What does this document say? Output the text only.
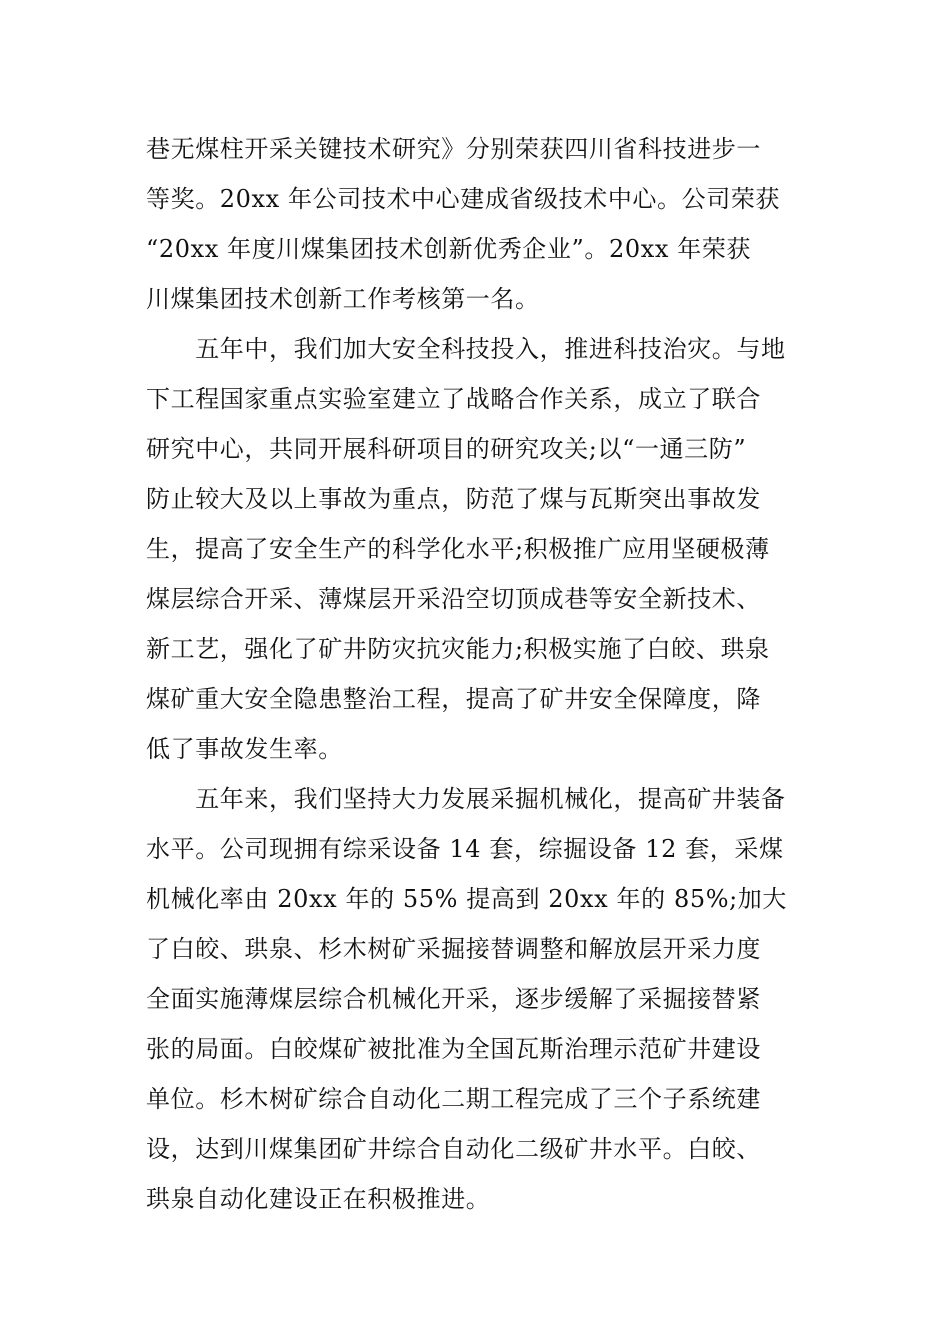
巷无煤柱开采关键技术研究》分别荣获四川省科技进步一
等奖。20xx 年公司技术中心建成省级技术中心。公司荣获
“20xx 年度川煤集团技术创新优秀企业”。20xx 年荣获
川煤集团技术创新工作考核第一名。
　　五年中，我们加大安全科技投入，推进科技治灾。与地
下工程国家重点实验室建立了战略合作关系，成立了联合
研究中心，共同开展科研项目的研究攻关;以“一通三防”
防止较大及以上事故为重点，防范了煤与瓦斯突出事故发
生，提高了安全生产的科学化水平;积极推广应用坚硬极薄
煤层综合开采、薄煤层开采沿空切顶成巷等安全新技术、
新工艺，强化了矿井防灾抗灾能力;积极实施了白皎、珙泉
煤矿重大安全隐患整治工程，提高了矿井安全保障度，降
低了事故发生率。
　　五年来，我们坚持大力发展采掘机械化，提高矿井装备
水平。公司现拥有综采设备 14 套，综掘设备 12 套，采煤
机械化率由 20xx 年的 55% 提高到 20xx 年的 85%;加大
了白皎、珙泉、杉木树矿采掘接替调整和解放层开采力度
全面实施薄煤层综合机械化开采，逐步缓解了采掘接替紧
张的局面。白皎煤矿被批准为全国瓦斯治理示范矿井建设
单位。杉木树矿综合自动化二期工程完成了三个子系统建
设，达到川煤集团矿井综合自动化二级矿井水平。白皎、
珙泉自动化建设正在积极推进。
